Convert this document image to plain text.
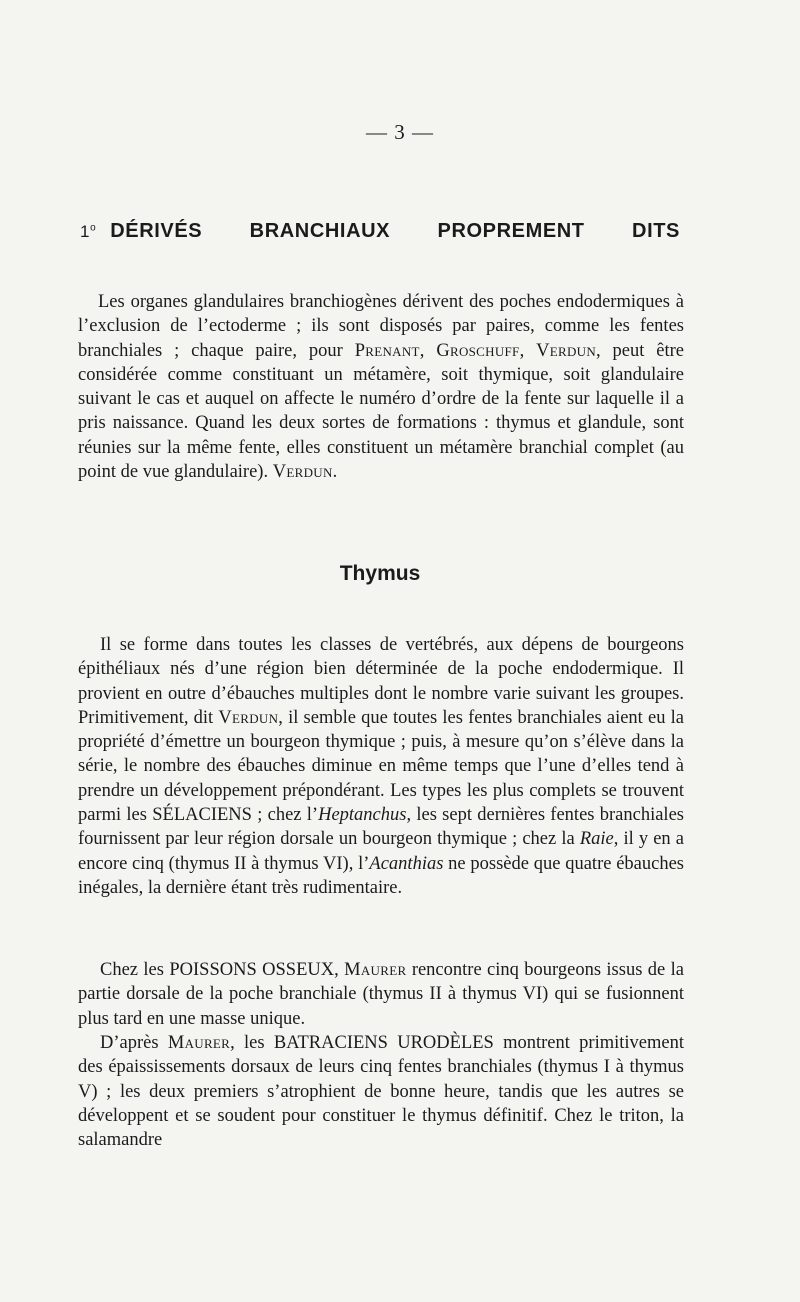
— 3 —
1$^o$ DÉRIVÉS BRANCHIAUX PROPREMENT DITS

Les organes glandulaires branchiogènes dérivent des poches endodermiques à l’exclusion de l’ectoderme ; ils sont disposés par paires, comme les fentes branchiales ; chaque paire, pour Prenant, Groschuff, Verdun, peut être considérée comme constituant un métamère, soit thymique, soit glandulaire suivant le cas et auquel on affecte le numéro d’ordre de la fente sur laquelle il a pris naissance. Quand les deux sortes de formations : thymus et glandule, sont réunies sur la même fente, elles constituent un métamère branchial complet (au point de vue glandulaire). Verdun.

Thymus

Il se forme dans toutes les classes de vertébrés, aux dépens de bourgeons épithéliaux nés d’une région bien déterminée de la poche endodermique. Il provient en outre d’ébauches multiples dont le nombre varie suivant les groupes. Primitivement, dit Verdun, il semble que toutes les fentes branchiales aient eu la propriété d’émettre un bourgeon thymique ; puis, à mesure qu’on s’élève dans la série, le nombre des ébauches diminue en même temps que l’une d’elles tend à prendre un développement prépondérant. Les types les plus complets se trouvent parmi les SÉLACIENS ; chez l’Heptanchus, les sept dernières fentes branchiales fournissent par leur région dorsale un bourgeon thymique ; chez la Raie, il y en a encore cinq (thymus II à thymus VI), l’Acanthias ne possède que quatre ébauches inégales, la dernière étant très rudimentaire.

Chez les POISSONS OSSEUX, Maurer rencontre cinq bourgeons issus de la partie dorsale de la poche branchiale (thymus II à thymus VI) qui se fusionnent plus tard en une masse unique.

D’après Maurer, les BATRACIENS URODÈLES montrent primitivement des épaississements dorsaux de leurs cinq fentes branchiales (thymus I à thymus V) ; les deux premiers s’atrophient de bonne heure, tandis que les autres se développent et se soudent pour constituer le thymus définitif. Chez le triton, la salamandre
